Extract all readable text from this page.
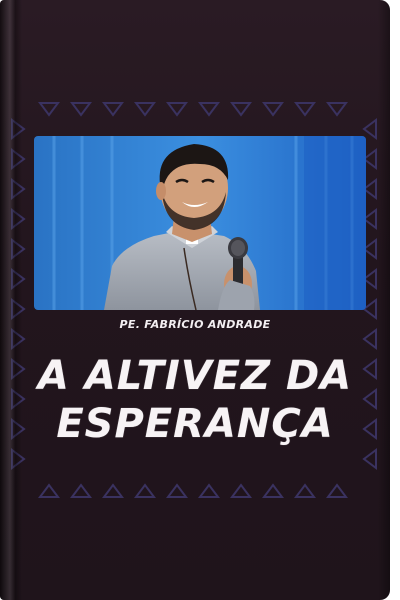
PE. FABRÍCIO ANDRADE
A ALTIVEZ DA
ESPERANÇA
